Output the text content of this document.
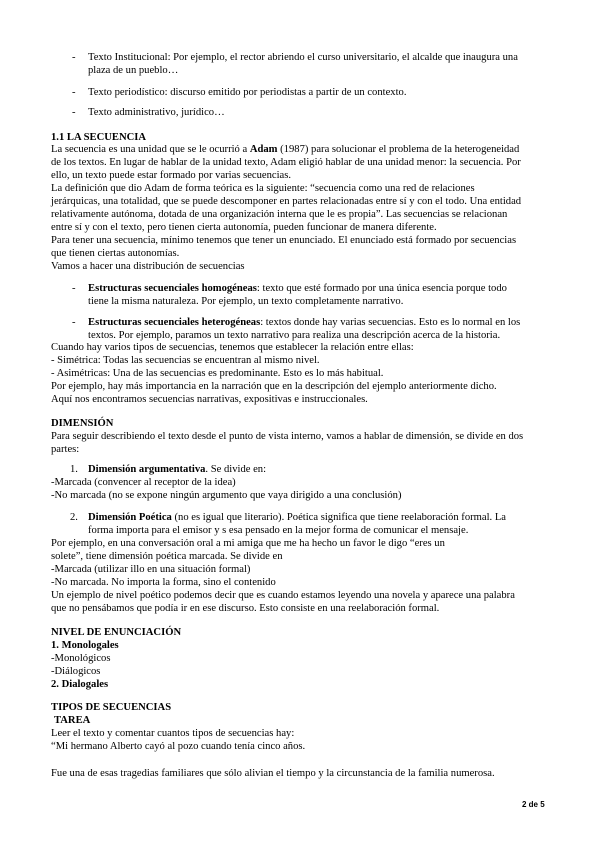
- Texto Institucional: Por ejemplo, el rector abriendo el curso universitario, el alcalde que inaugura una
plaza de un pueblo…
- Texto periodístico: discurso emitido por periodistas a partir de un contexto.
- Texto administrativo, jurídico…
1.1 LA SECUENCIA
La secuencia es una unidad que se le ocurrió a Adam (1987) para solucionar el problema de la heterogeneidad
de los textos. En lugar de hablar de la unidad texto, Adam eligió hablar de una unidad menor: la secuencia. Por
ello, un texto puede estar formado por varias secuencias.
La definición que dio Adam de forma teórica es la siguiente: “secuencia como una red de relaciones
jerárquicas, una totalidad, que se puede descomponer en partes relacionadas entre sí y con el todo. Una entidad
relativamente autónoma, dotada de una organización interna que le es propia”. Las secuencias se relacionan
entre sí y con el texto, pero tienen cierta autonomía, pueden funcionar de manera diferente.
Para tener una secuencia, mínimo tenemos que tener un enunciado. El enunciado está formado por secuencias
que tienen ciertas autonomías.
Vamos a hacer una distribución de secuencias
- Estructuras secuenciales homogéneas: texto que esté formado por una única esencia porque todo
tiene la misma naturaleza. Por ejemplo, un texto completamente narrativo.
- Estructuras secuenciales heterogéneas: textos donde hay varias secuencias. Esto es lo normal en los
textos. Por ejemplo, paramos un texto narrativo para realiza una descripción acerca de la historia.
Cuando hay varios tipos de secuencias, tenemos que establecer la relación entre ellas:
- Simétrica: Todas las secuencias se encuentran al mismo nivel.
- Asimétricas: Una de las secuencias es predominante. Esto es lo más habitual.
Por ejemplo, hay más importancia en la narración que en la descripción del ejemplo anteriormente dicho.
Aquí nos encontramos secuencias narrativas, expositivas e instruccionales.
DIMENSIÓN
Para seguir describiendo el texto desde el punto de vista interno, vamos a hablar de dimensión, se divide en dos
partes:
1. Dimensión argumentativa. Se divide en:
-Marcada (convencer al receptor de la idea)
-No marcada (no se expone ningún argumento que vaya dirigido a una conclusión)
2. Dimensión Poética (no es igual que literario). Poética significa que tiene reelaboración formal. La
forma importa para el emisor y s esa pensado en la mejor forma de comunicar el mensaje.
Por ejemplo, en una conversación oral a mi amiga que me ha hecho un favor le digo “eres un
solete”, tiene dimensión poética marcada. Se divide en
-Marcada (utilizar illo en una situación formal)
-No marcada. No importa la forma, sino el contenido
Un ejemplo de nivel poético podemos decir que es cuando estamos leyendo una novela y aparece una palabra
que no pensábamos que podía ir en ese discurso. Esto consiste en una reelaboración formal.
NIVEL DE ENUNCIACIÓN
1. Monologales
-Monológicos
-Diálogicos
2. Dialogales
TIPOS DE SECUENCIAS
TAREA
Leer el texto y comentar cuantos tipos de secuencias hay:
“Mi hermano Alberto cayó al pozo cuando tenía cinco años.
Fue una de esas tragedias familiares que sólo alivian el tiempo y la circunstancia de la familia numerosa.
2 de 5
